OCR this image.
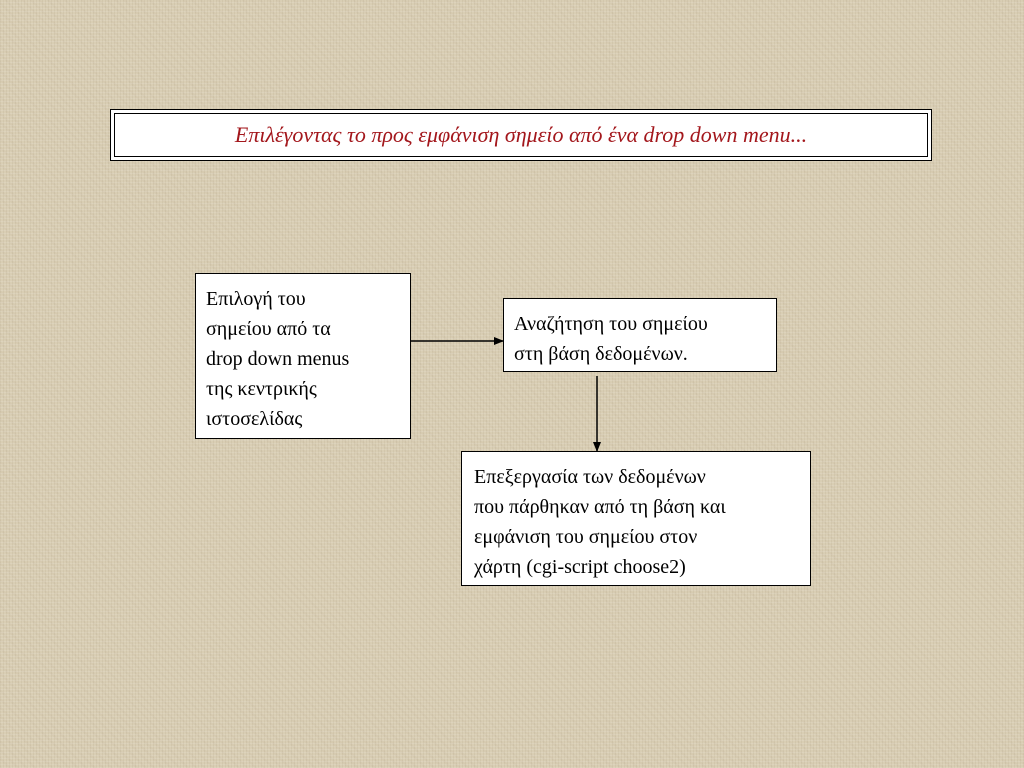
Επιλέγοντας το προς εμφάνιση σημείο από ένα drop down menu...
Επιλογή του
σημείου από τα
drop down menus
της κεντρικής
ιστοσελίδας
Αναζήτηση του σημείου
στη βάση δεδομένων.
Επεξεργασία των δεδομένων
που πάρθηκαν από τη βάση και
εμφάνιση του σημείου στον
χάρτη (cgi-script choose2)
